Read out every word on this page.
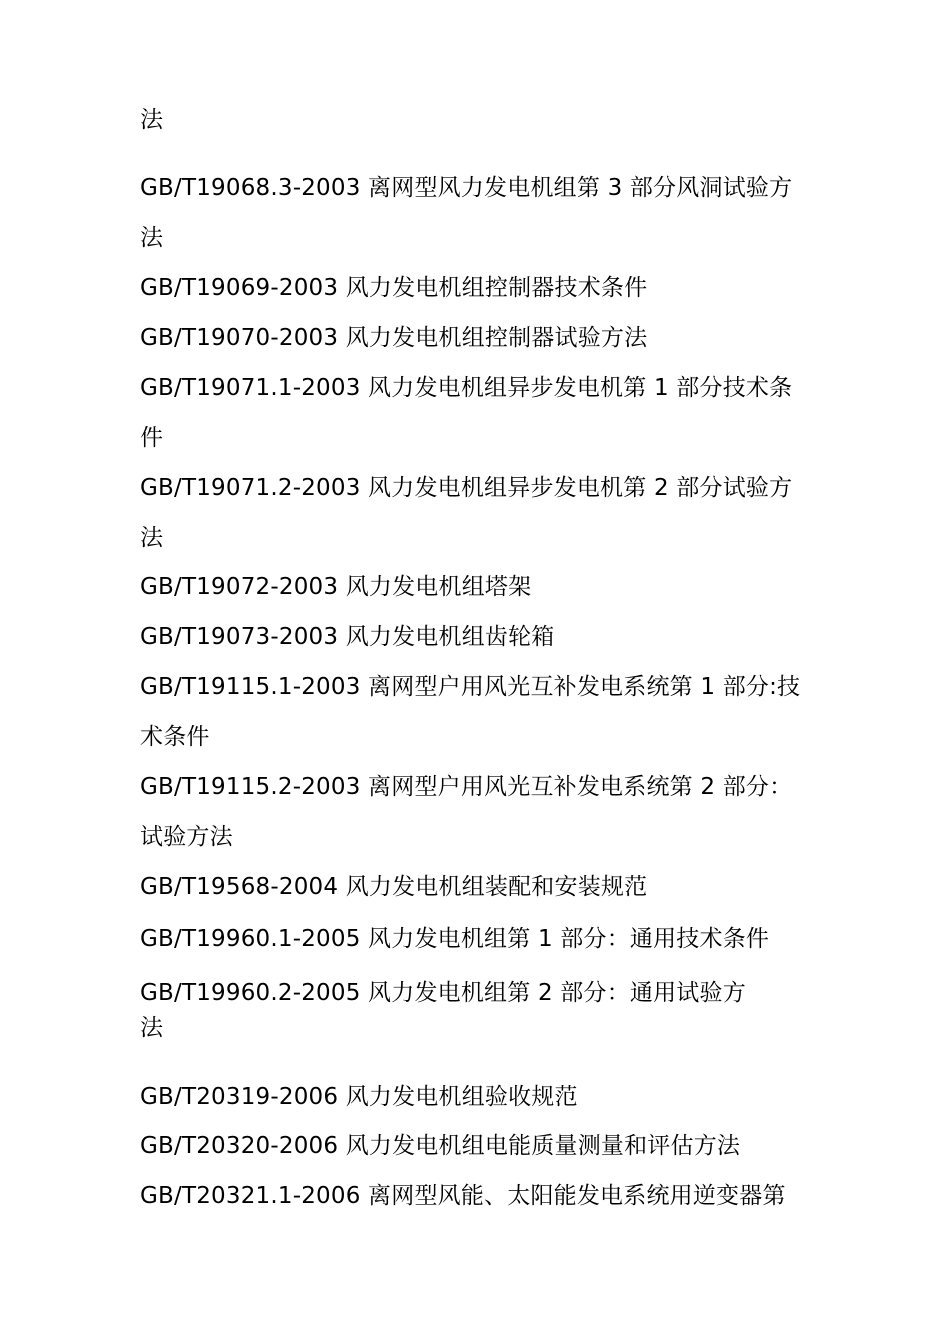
法
GB/T19068.3-2003 离网型风力发电机组第 3 部分风洞试验方
法
GB/T19069-2003 风力发电机组控制器技术条件
GB/T19070-2003 风力发电机组控制器试验方法
GB/T19071.1-2003 风力发电机组异步发电机第 1 部分技术条
件
GB/T19071.2-2003 风力发电机组异步发电机第 2 部分试验方
法
GB/T19072-2003 风力发电机组塔架
GB/T19073-2003 风力发电机组齿轮箱
GB/T19115.1-2003 离网型户用风光互补发电系统第 1 部分:技
术条件
GB/T19115.2-2003 离网型户用风光互补发电系统第 2 部分：
试验方法
GB/T19568-2004 风力发电机组装配和安装规范
GB/T19960.1-2005 风力发电机组第 1 部分：通用技术条件
GB/T19960.2-2005 风力发电机组第 2 部分：通用试验方
法
GB/T20319-2006 风力发电机组验收规范
GB/T20320-2006 风力发电机组电能质量测量和评估方法
GB/T20321.1-2006 离网型风能、太阳能发电系统用逆变器第
